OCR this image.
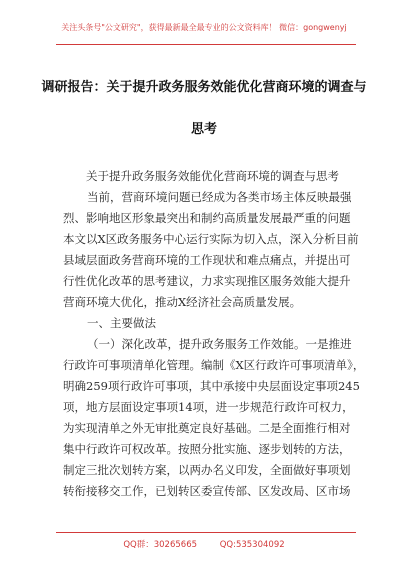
关注头条号"公文研究"，获得最新最全最专业的公文资料库！ 微信：gongwenyj
调研报告：关于提升政务服务效能优化营商环境的调查与
思考
关于提升政务服务效能优化营商环境的调查与思考
当前，营商环境问题已经成为各类市场主体反映最强
烈、影响地区形象最突出和制约高质量发展最严重的问题
本文以X区政务服务中心运行实际为切入点，深入分析目前
县域层面政务营商环境的工作现状和难点痛点，并提出可
行性优化改革的思考建议，力求实现推区服务效能大提升
营商环境大优化，推动X经济社会高质量发展。
一、主要做法
（一）深化改革，提升政务服务工作效能。一是推进
行政许可事项清单化管理。编制《X区行政许可事项清单》，
明确259项行政许可事项，其中承接中央层面设定事项245
项，地方层面设定事项14项，进一步规范行政许可权力，
为实现清单之外无审批奠定良好基础。二是全面推行相对
集中行政许可权改革。按照分批实施、逐步划转的方法，
制定三批次划转方案，以两办名义印发，全面做好事项划
转衔接移交工作，已划转区委宣传部、区发改局、区市场
QQ群：30265665	QQ:535304092
